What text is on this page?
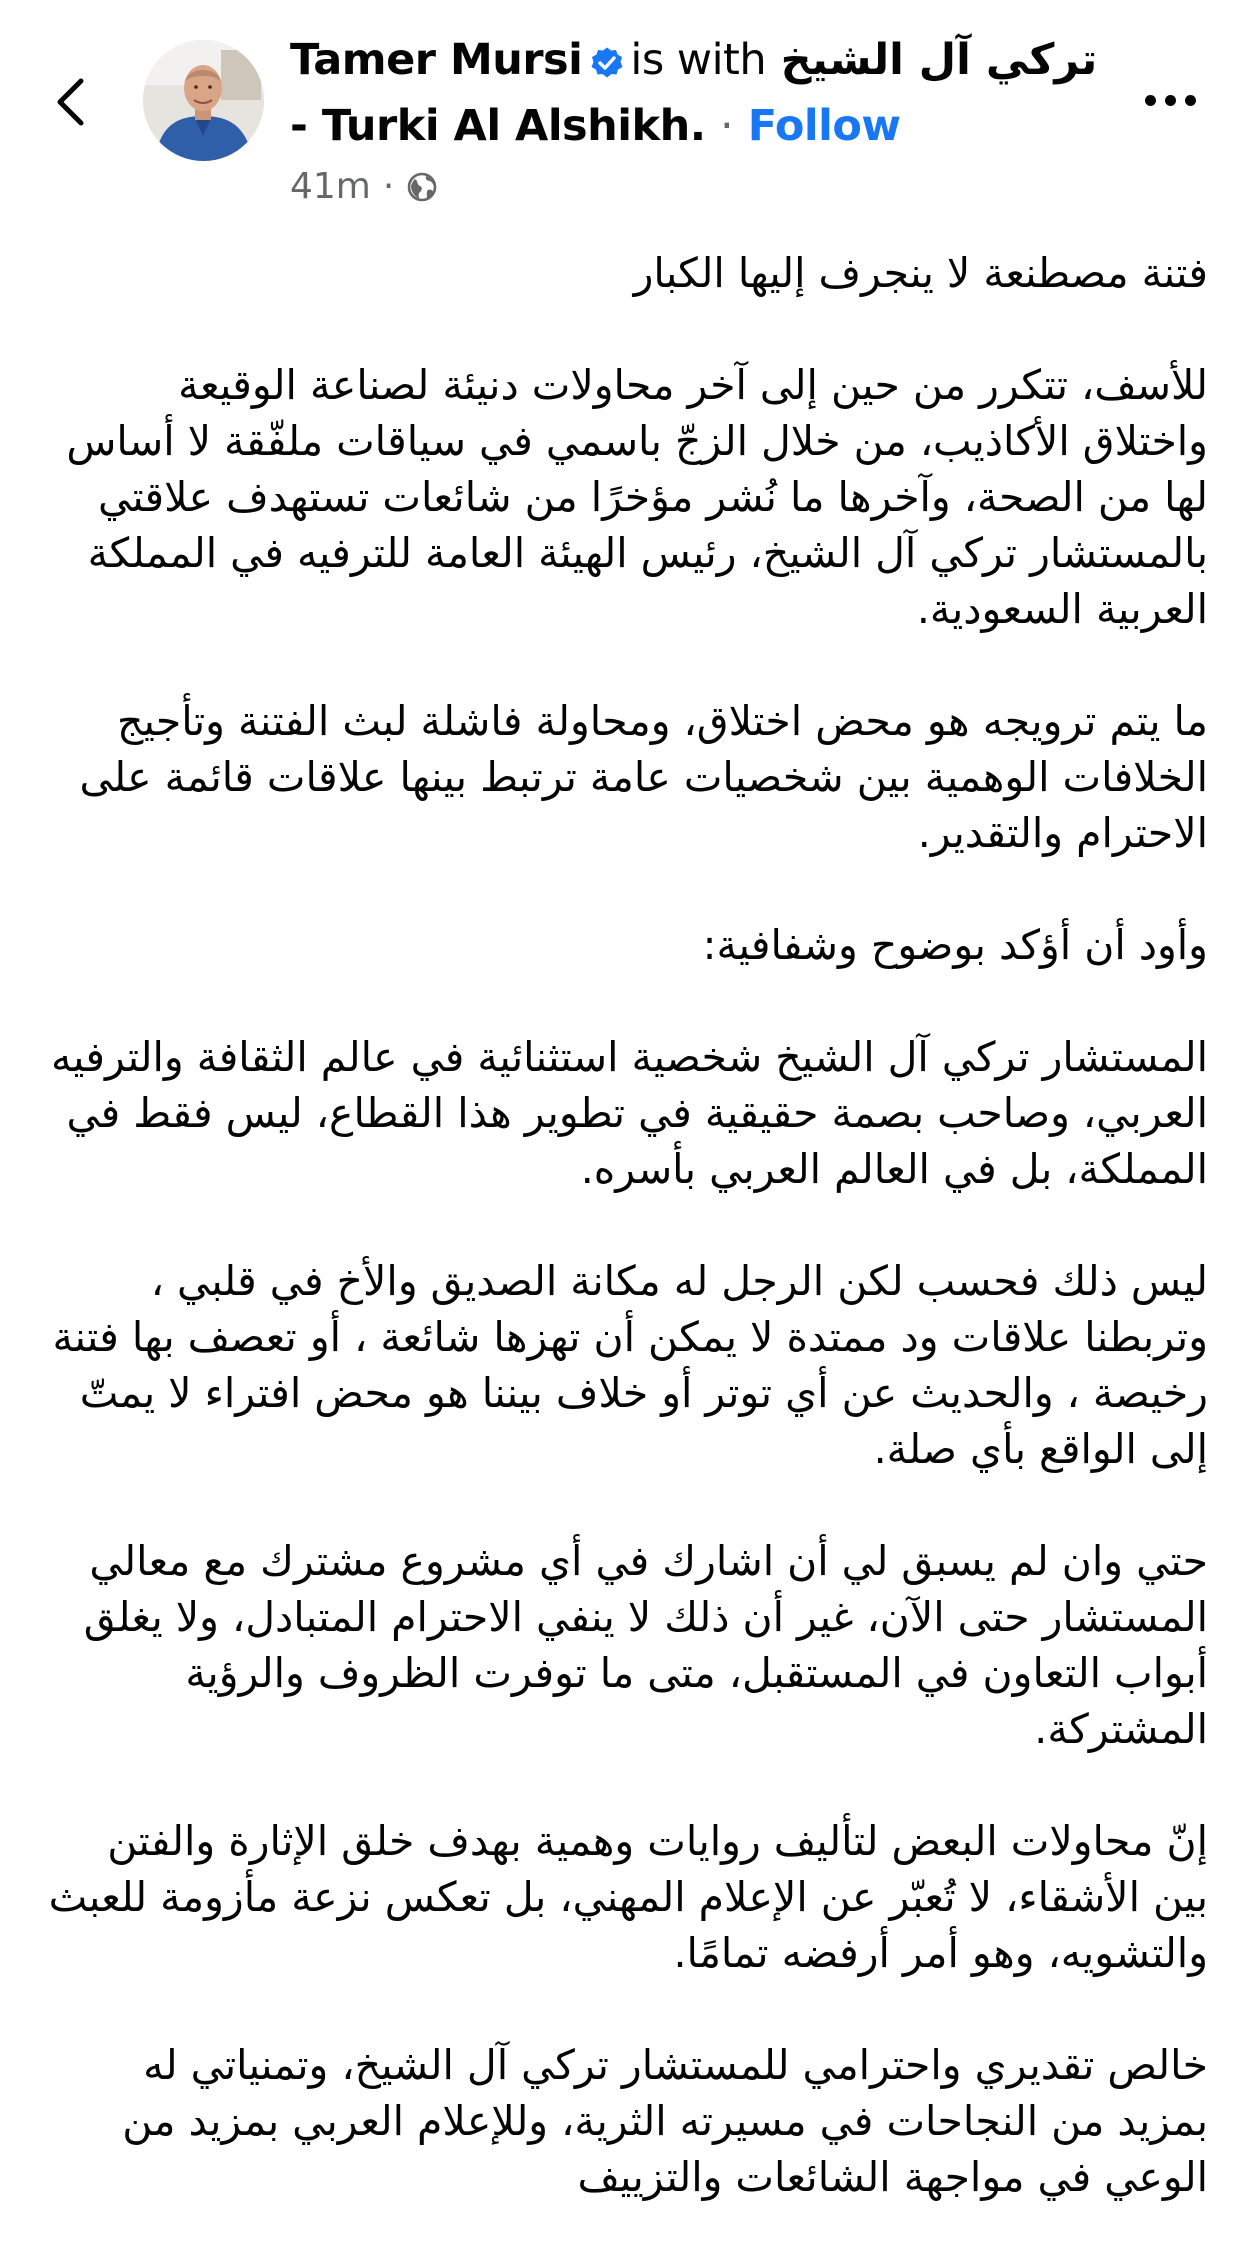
Tamer Mursi is with تركي آل الشيخ
- Turki Al Alshikh. · Follow
41m ·

فتنة مصطنعة لا ينجرف إليها الكبار

للأسف، تتكرر من حين إلى آخر محاولات دنيئة لصناعة الوقيعة واختلاق الأكاذيب، من خلال الزجّ باسمي في سياقات ملفّقة لا أساس لها من الصحة، وآخرها ما نُشر مؤخرًا من شائعات تستهدف علاقتي بالمستشار تركي آل الشيخ، رئيس الهيئة العامة للترفيه في المملكة العربية السعودية.

ما يتم ترويجه هو محض اختلاق، ومحاولة فاشلة لبث الفتنة وتأجيج الخلافات الوهمية بين شخصيات عامة ترتبط بينها علاقات قائمة على الاحترام والتقدير.

وأود أن أؤكد بوضوح وشفافية:

المستشار تركي آل الشيخ شخصية استثنائية في عالم الثقافة والترفيه العربي، وصاحب بصمة حقيقية في تطوير هذا القطاع، ليس فقط في المملكة، بل في العالم العربي بأسره.

ليس ذلك فحسب لكن الرجل له مكانة الصديق والأخ في قلبي ، وتربطنا علاقات ود ممتدة لا يمكن أن تهزها شائعة ، أو تعصف بها فتنة رخيصة ، والحديث عن أي توتر أو خلاف بيننا هو محض افتراء لا يمتّ إلى الواقع بأي صلة.

حتي وان لم يسبق لي أن اشارك في أي مشروع مشترك مع معالي المستشار حتى الآن، غير أن ذلك لا ينفي الاحترام المتبادل، ولا يغلق أبواب التعاون في المستقبل، متى ما توفرت الظروف والرؤية المشتركة.

إنّ محاولات البعض لتأليف روايات وهمية بهدف خلق الإثارة والفتن بين الأشقاء، لا تُعبّر عن الإعلام المهني، بل تعكس نزعة مأزومة للعبث والتشويه، وهو أمر أرفضه تمامًا.

خالص تقديري واحترامي للمستشار تركي آل الشيخ، وتمنياتي له بمزيد من النجاحات في مسيرته الثرية، وللإعلام العربي بمزيد من الوعي في مواجهة الشائعات والتزييف
